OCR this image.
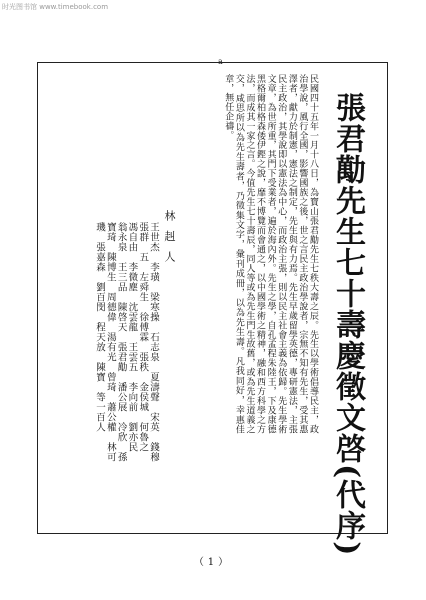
时光图书馆 www.timebook.com
a
張君勱先生七十壽慶徵文啓(代序)
民國四十五年一月十八日，為寶山張君勱先生七秩大壽之辰。先生以學術倡導民主，政治學說，風行全國，影響國族之後，世之言民主政治學說者，宗無不知有先生，受其惠澤者，獻力於制憲，憲法之制定，先生與有力焉。先生早歲留學英德，專研憲法，主張民主政治，其學說即以憲法為中心，而政治主張，則以民主社會主義為依歸。先生學術文章，為世所重，其門下受業者，遍於海內外。先生之學，自孔孟程朱陸王，下及康德黑格爾柏格森倭伊鏗之說，靡不博覽而會通之，以中國學術之精神，融和西方科學之方法，而成其一家之言。今值先生七十壽辰，同人等或為先生門生故舊，或為先生道義之交，咸思所以為先生壽者，乃徵集文字，彙刊成冊，以為先生壽。凡我同好，幸惠佳章，無任企禱。
林 赳 人
王世杰　李璜　梁寒操　石志泉　夏濤聲　宋英　錢穆　張群　五　左舜生　徐傅霖　張秩　金侯城　何魯之　馮自由　李微塵　沈雲龍　王雲五　李向前　劉亦民　翁永泉　王三品　陳啓天　張君勱　潘公展　冷欣　孫寶琦　陳博生　周德偉　湯有光　曾琦　蕭公權　林可璣　張嘉森　劉百閔　程天放　陳寶　等一百人　
（1）
